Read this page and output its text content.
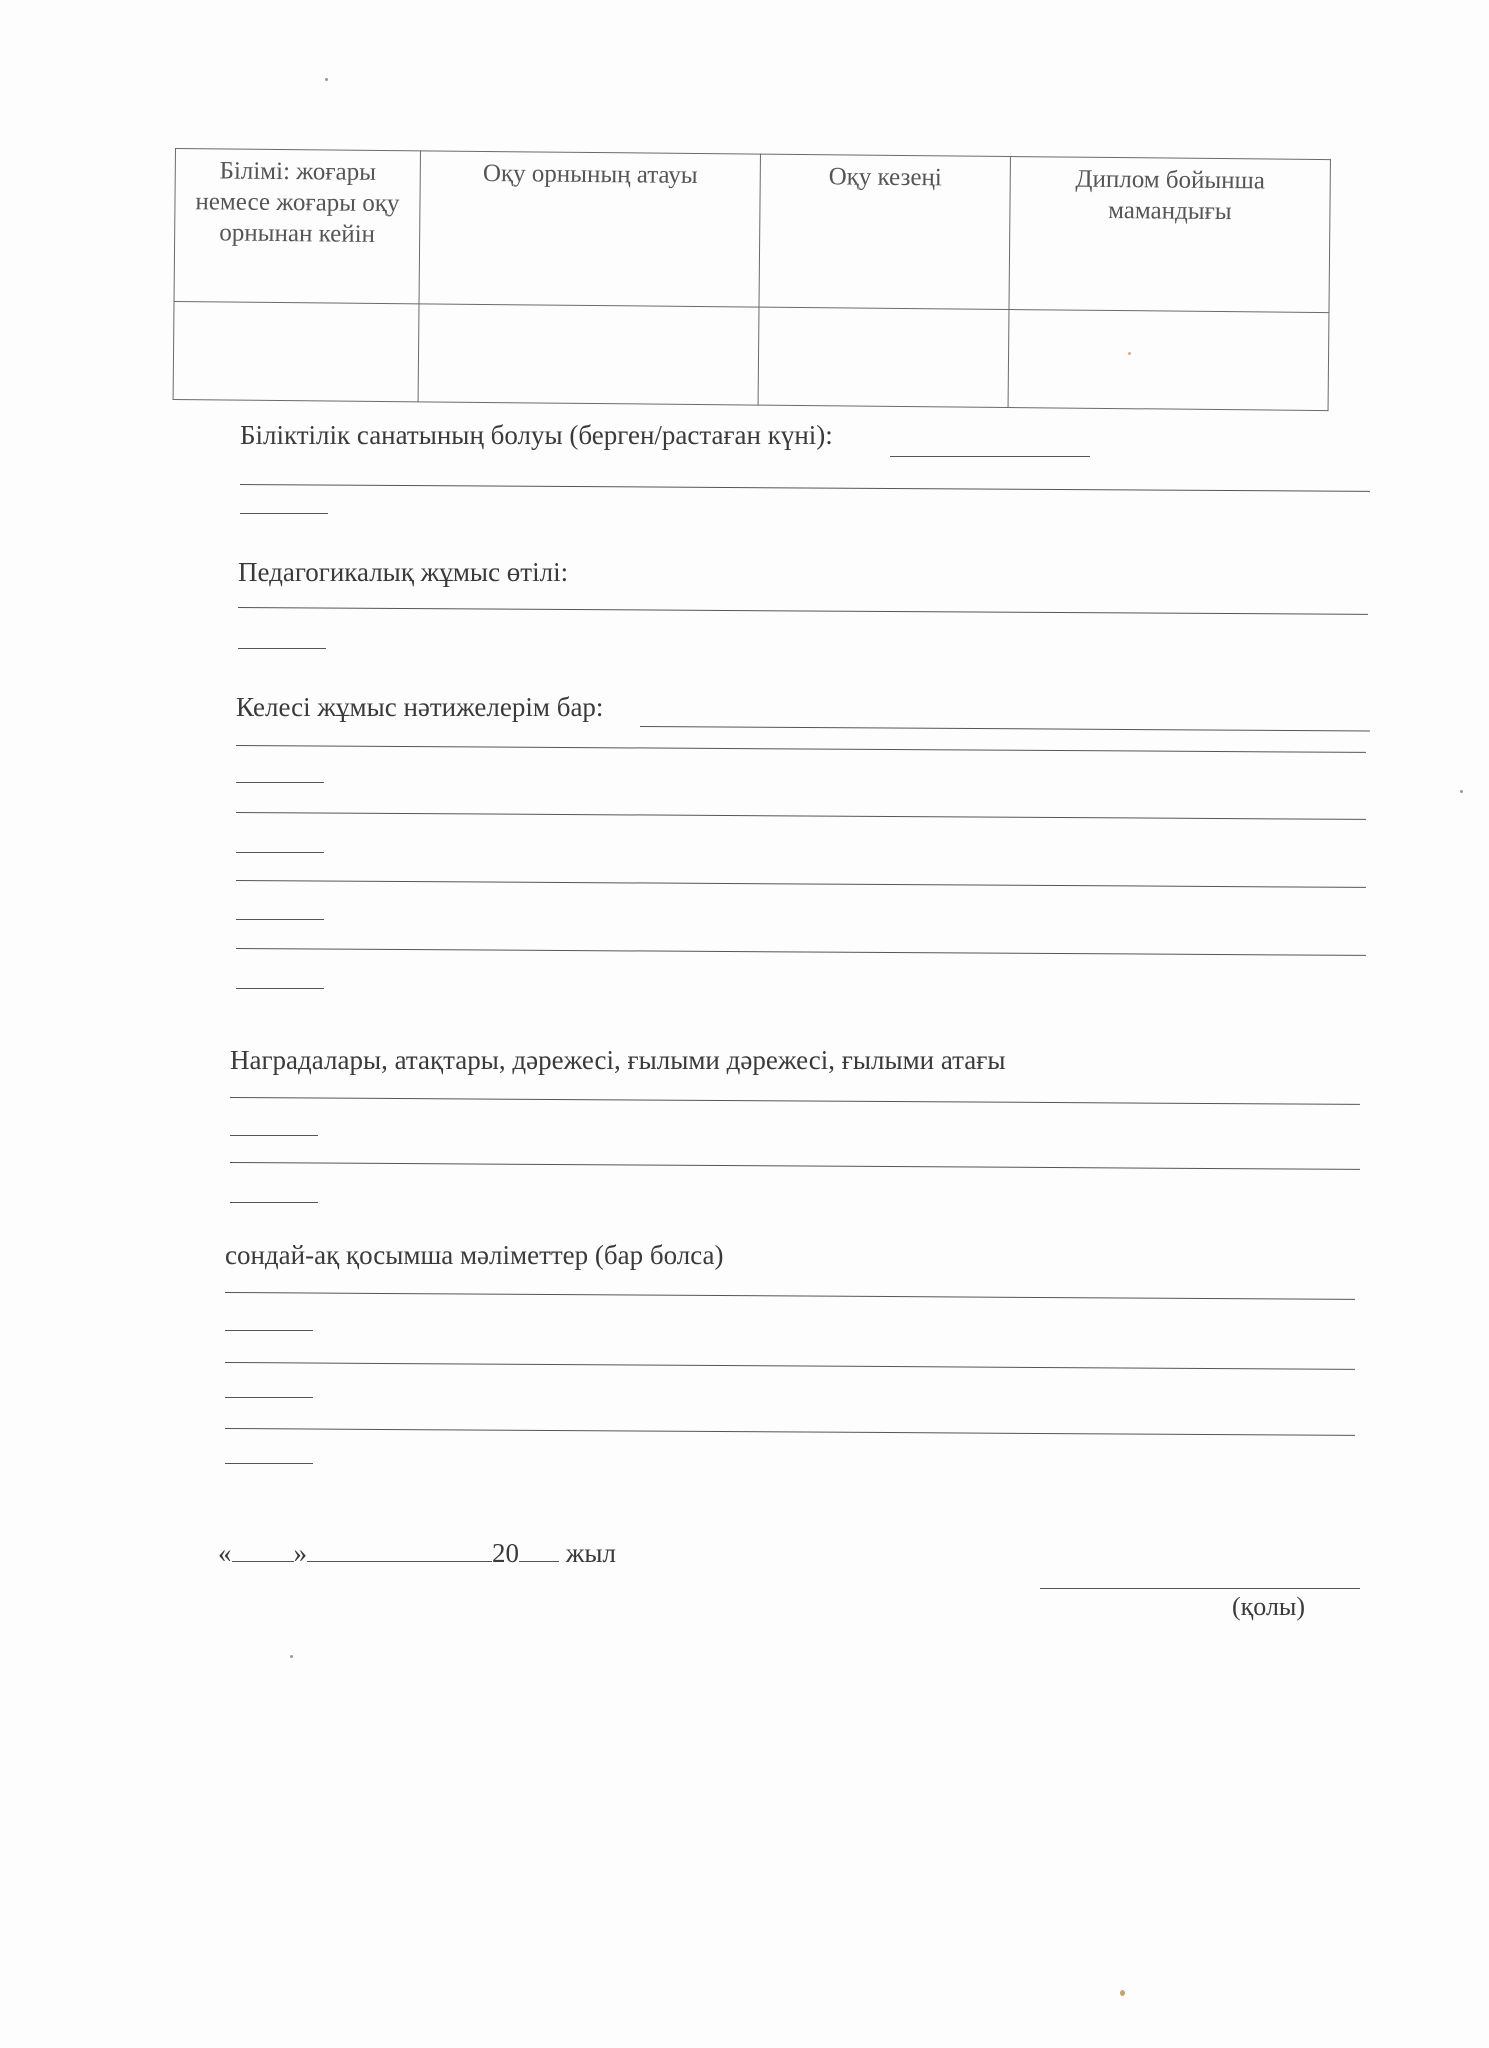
Білімі: жоғары немесе жоғары оқу орнынан кейін	Оқу орнының атауы	Оқу кезеңі	Диплом бойынша мамандығы

Біліктілік санатының болуы (берген/растаған күні):
Педагогикалық жұмыс өтілі:
Келесі жұмыс нәтижелерім бар:
Наградалары, атақтары, дәрежесі, ғылыми дәрежесі, ғылыми атағы
сондай-ақ қосымша мәліметтер (бар болса)
« »	20 жыл
(қолы)
